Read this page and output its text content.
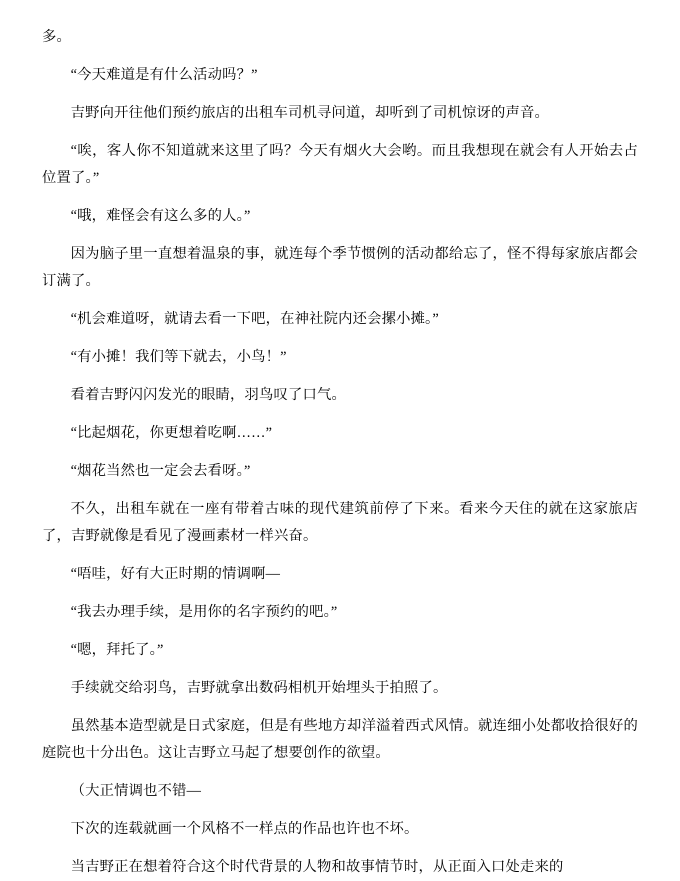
多。

“今天难道是有什么活动吗？”

吉野向开往他们预约旅店的出租车司机寻问道，却听到了司机惊讶的声音。

“唉，客人你不知道就来这里了吗？今天有烟火大会哟。而且我想现在就会有人开始去占位置了。”

“哦，难怪会有这么多的人。”

因为脑子里一直想着温泉的事，就连每个季节惯例的活动都给忘了，怪不得每家旅店都会订满了。

“机会难道呀，就请去看一下吧，在神社院内还会摞小摊。”

“有小摊！我们等下就去，小鸟！”

看着吉野闪闪发光的眼睛，羽鸟叹了口气。

“比起烟花，你更想着吃啊……”

“烟花当然也一定会去看呀。”

不久，出租车就在一座有带着古味的现代建筑前停了下来。看来今天住的就在这家旅店了，吉野就像是看见了漫画素材一样兴奋。

“唔哇，好有大正时期的情调啊—

“我去办理手续，是用你的名字预约的吧。”

“嗯，拜托了。”

手续就交给羽鸟，吉野就拿出数码相机开始埋头于拍照了。

虽然基本造型就是日式家庭，但是有些地方却洋溢着西式风情。就连细小处都收拾很好的庭院也十分出色。这让吉野立马起了想要创作的欲望。

（大正情调也不错—

下次的连载就画一个风格不一样点的作品也许也不坏。

当吉野正在想着符合这个时代背景的人物和故事情节时，从正面入口处走来的
